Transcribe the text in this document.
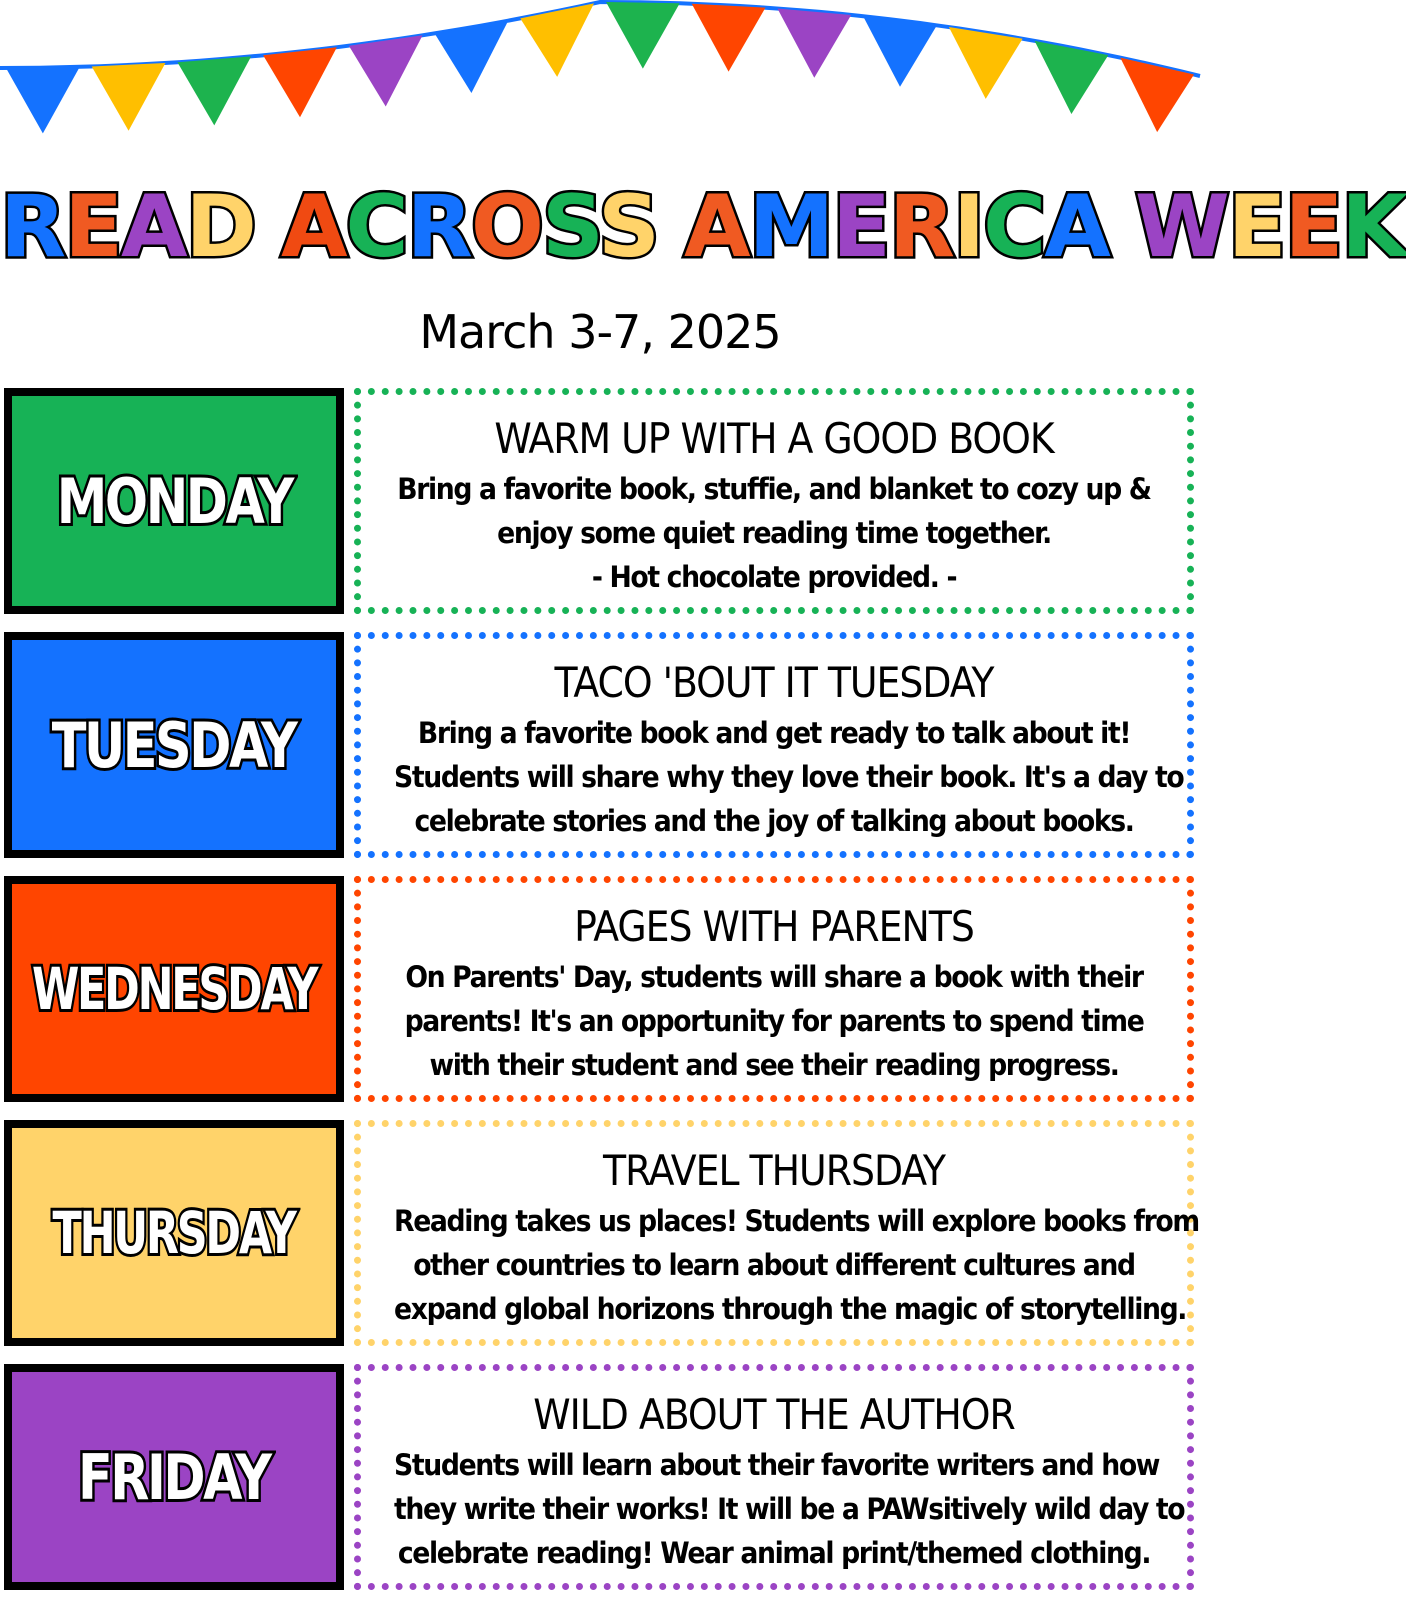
READ ACROSS AMERICA WEEK
March 3-7, 2025
MONDAY
WARM UP WITH A GOOD BOOK
Bring a favorite book, stuffie, and blanket to cozy up &
enjoy some quiet reading time together.
- Hot chocolate provided. -
TUESDAY
TACO 'BOUT IT TUESDAY
Bring a favorite book and get ready to talk about it!
Students will share why they love their book. It's a day to
celebrate stories and the joy of talking about books.
WEDNESDAY
PAGES WITH PARENTS
On Parents' Day, students will share a book with their
parents! It's an opportunity for parents to spend time
with their student and see their reading progress.
THURSDAY
TRAVEL THURSDAY
Reading takes us places! Students will explore books from
other countries to learn about different cultures and
expand global horizons through the magic of storytelling.
FRIDAY
WILD ABOUT THE AUTHOR
Students will learn about their favorite writers and how
they write their works! It will be a PAWsitively wild day to
celebrate reading! Wear animal print/themed clothing.
